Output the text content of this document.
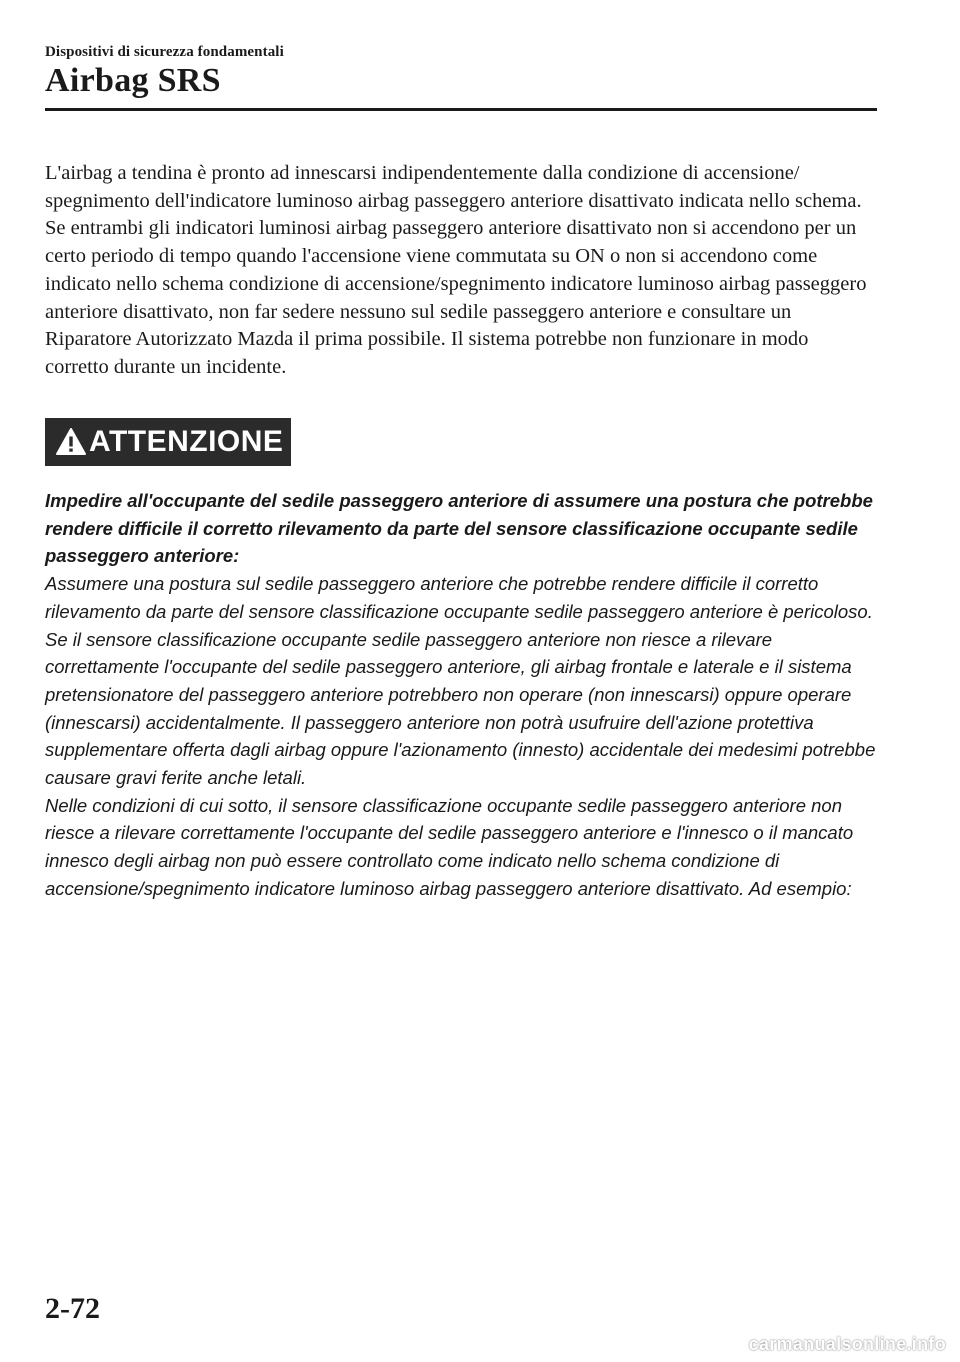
Dispositivi di sicurezza fondamentali
Airbag SRS

L'airbag a tendina è pronto ad innescarsi indipendentemente dalla condizione di accensione/ spegnimento dell'indicatore luminoso airbag passeggero anteriore disattivato indicata nello schema.

Se entrambi gli indicatori luminosi airbag passeggero anteriore disattivato non si accendono per un certo periodo di tempo quando l'accensione viene commutata su ON o non si accendono come indicato nello schema condizione di accensione/spegnimento indicatore luminoso airbag passeggero anteriore disattivato, non far sedere nessuno sul sedile passeggero anteriore e consultare un Riparatore Autorizzato Mazda il prima possibile. Il sistema potrebbe non funzionare in modo corretto durante un incidente.

ATTENZIONE

Impedire all'occupante del sedile passeggero anteriore di assumere una postura che potrebbe rendere difficile il corretto rilevamento da parte del sensore classificazione occupante sedile passeggero anteriore:

Assumere una postura sul sedile passeggero anteriore che potrebbe rendere difficile il corretto rilevamento da parte del sensore classificazione occupante sedile passeggero anteriore è pericoloso. Se il sensore classificazione occupante sedile passeggero anteriore non riesce a rilevare correttamente l'occupante del sedile passeggero anteriore, gli airbag frontale e laterale e il sistema pretensionatore del passeggero anteriore potrebbero non operare (non innescarsi) oppure operare (innescarsi) accidentalmente. Il passeggero anteriore non potrà usufruire dell'azione protettiva supplementare offerta dagli airbag oppure l'azionamento (innesto) accidentale dei medesimi potrebbe causare gravi ferite anche letali.

Nelle condizioni di cui sotto, il sensore classificazione occupante sedile passeggero anteriore non riesce a rilevare correttamente l'occupante del sedile passeggero anteriore e l'innesco o il mancato innesco degli airbag non può essere controllato come indicato nello schema condizione di accensione/spegnimento indicatore luminoso airbag passeggero anteriore disattivato. Ad esempio:

2-72
carmanualsonline.info
